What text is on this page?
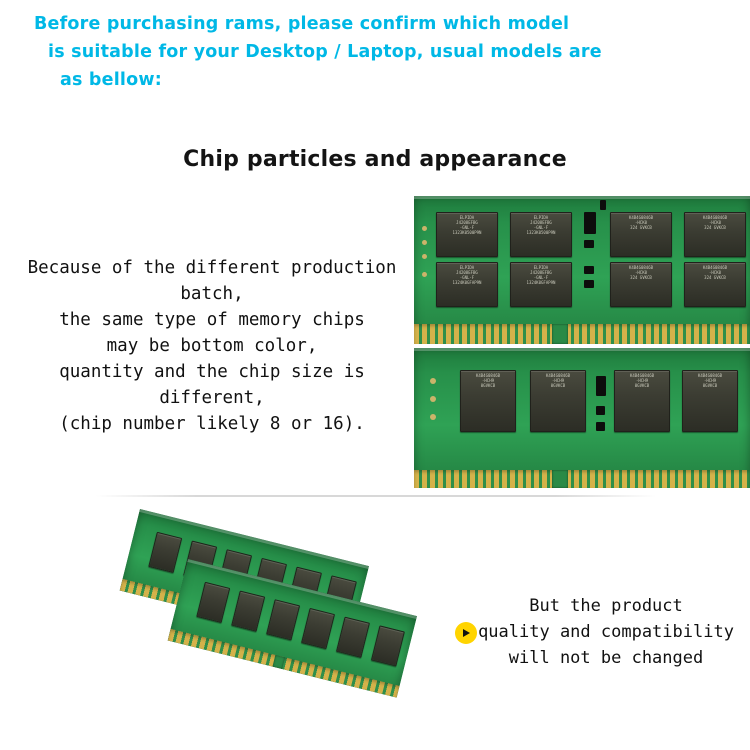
Before purchasing rams, please confirm which model
is suitable for your Desktop / Laptop, usual models are
as bellow:
Chip particles and appearance
Because of the different production batch,
the same type of memory chips
may be bottom color,
quantity and the chip size is different,
(chip number likely 8 or 16).
ELPIDA
J4208EFBG
-GNL-F
1323K0500P9N
ELPIDA
J4208EFBG
-GNL-F
1323K0500P9N
K4B4G0846B
-HCK0
324 GVKCB
K4B4G0846B
-HCK0
324 GVKCB
ELPIDA
J4208EFBG
-GNL-F
1324K0GFAP9N
ELPIDA
J4208EFBG
-GNL-F
1324K0GFAP9N
K4B4G0846B
-HCK0
324 GVKCB
K4B4G0846B
-HCK0
324 GVKCB
K4B4G0846B
-HCH9
0GVKCB
K4B4G0846B
-HCH9
0GVKCB
K4B4G0846B
-HCH9
0GVKCB
K4B4G0846B
-HCH9
0GVKCB
But the product
quality and compatibility
will not be changed
